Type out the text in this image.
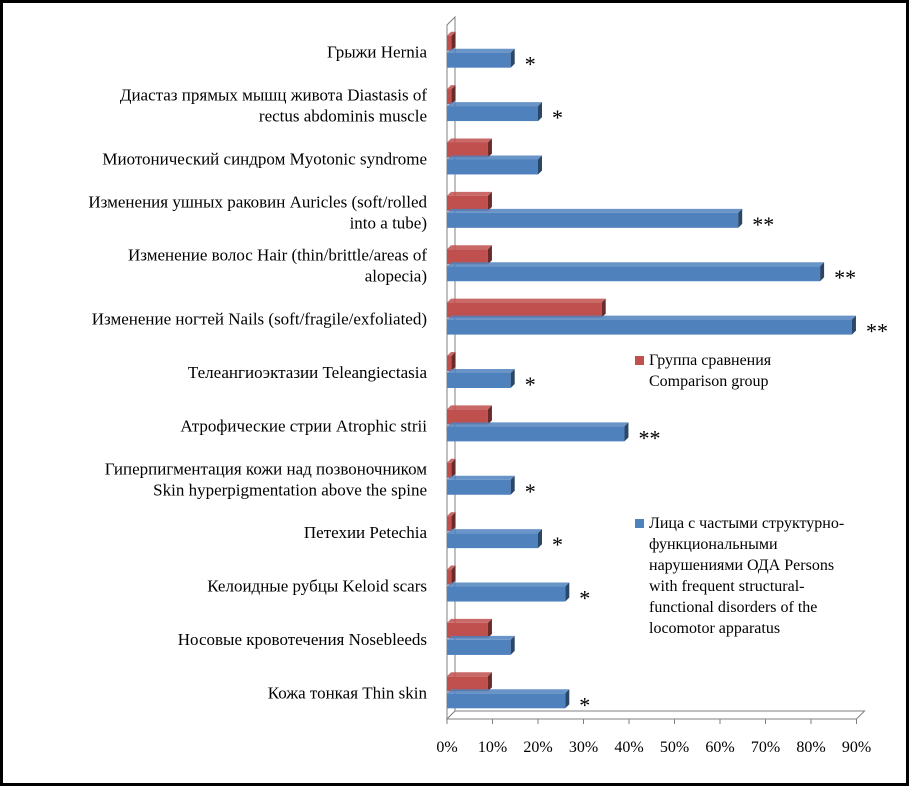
0% 10% 20% 30% 40% 50% 60% 70% 80% 90%
Грыжи Hernia	*
Диастаз прямых мышц живота Diastasis of
rectus abdominis muscle	*
Миотонический синдром Myotonic syndrome
Изменения ушных раковин Auricles (soft/rolled
into a tube)	**
Изменение волос Hair (thin/brittle/areas of
alopecia)	**
Изменение ногтей Nails (soft/fragile/exfoliated)	**
Телеангиоэктазии Teleangiectasia	*
Атрофические стрии Atrophic strii	**
Гиперпигментация кожи над позвоночником
Skin hyperpigmentation above the spine	*
Петехии Petechia	*
Келоидные рубцы Keloid scars	*
Носовые кровотечения Nosebleeds
Кожа тонкая Thin skin	*
Группа сравнения
Comparison group
Лица с частыми структурно-
функциональными
нарушениями ОДА Persons
with frequent structural-
functional disorders of the
locomotor apparatus
